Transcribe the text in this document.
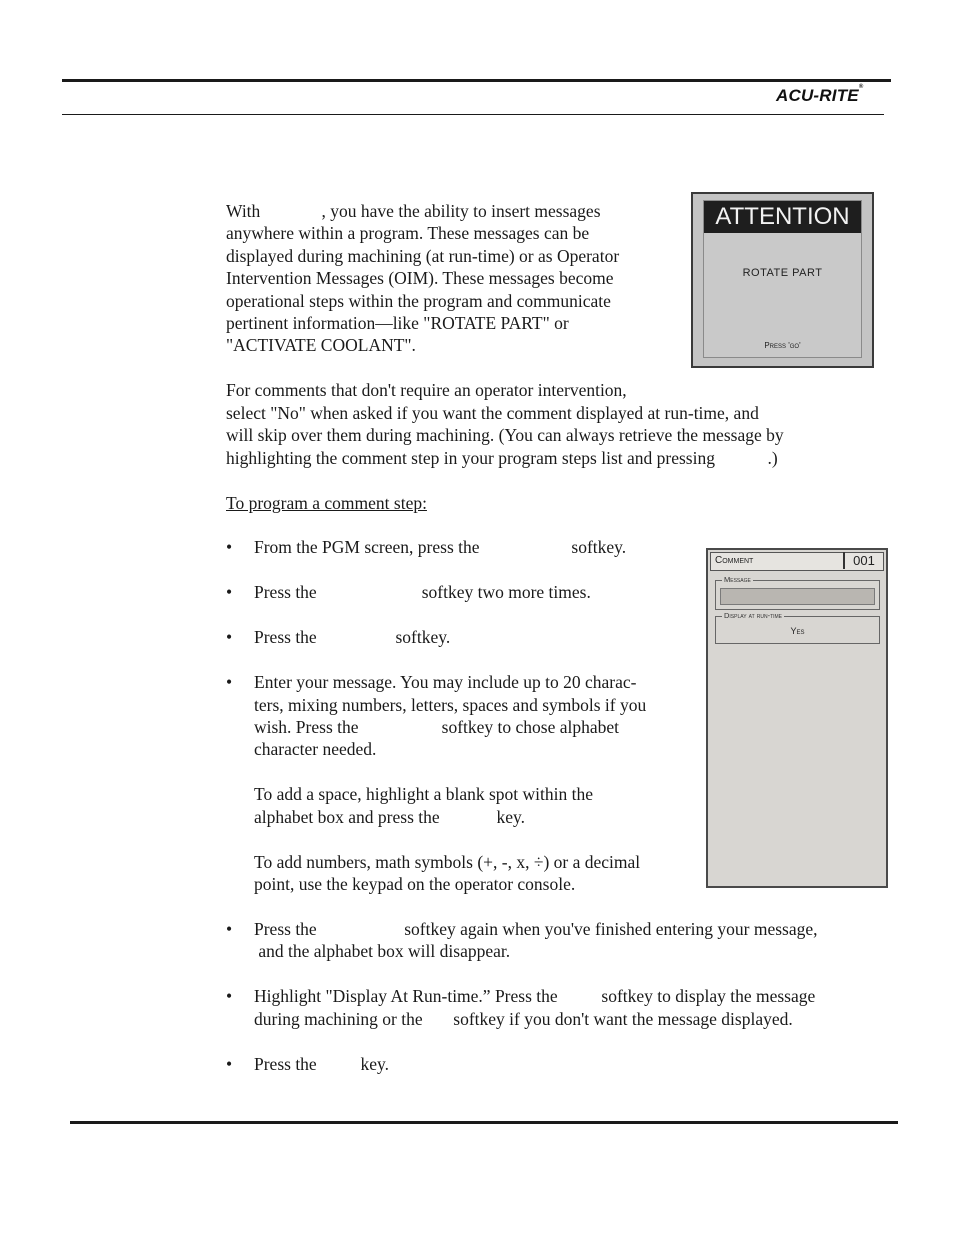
ACU-RITE®
With              , you have the ability to insert messages
anywhere within a program. These messages can be
displayed during machining (at run-time) or as Operator
Intervention Messages (OIM). These messages become
operational steps within the program and communicate
pertinent information—like "ROTATE PART" or
"ACTIVATE COOLANT".
ATTENTION
ROTATE PART
Press 'go'
For comments that don't require an operator intervention,
select "No" when asked if you want the comment displayed at run-time, and
will skip over them during machining. (You can always retrieve the message by
highlighting the comment step in your program steps list and pressing            .)
To program a comment step:
• From the PGM screen, press the                     softkey.
• Press the                        softkey two more times.
• Press the                  softkey.
• Enter your message. You may include up to 20 charac-
ters, mixing numbers, letters, spaces and symbols if you
wish. Press the                   softkey to chose alphabet
character needed.
To add a space, highlight a blank spot within the
alphabet box and press the             key.
To add numbers, math symbols (+, -, x, ÷) or a decimal
point, use the keypad on the operator console.
• Press the                    softkey again when you've finished entering your message,
and the alphabet box will disappear.
• Highlight "Display At Run-time.” Press the          softkey to display the message
during machining or the       softkey if you don't want the message displayed.
• Press the          key.
Comment	001
Message
Display at run-time
Yes
